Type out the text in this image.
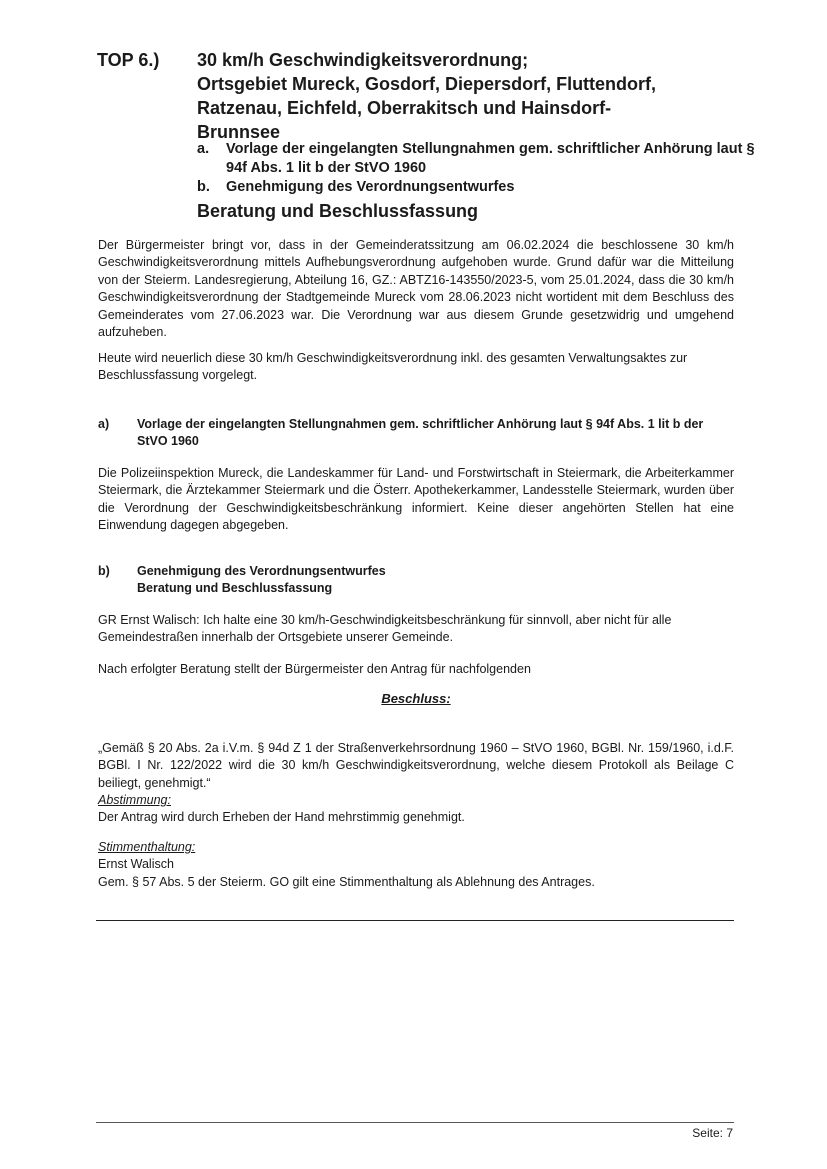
TOP 6.) 30 km/h Geschwindigkeitsverordnung;
Ortsgebiet Mureck, Gosdorf, Diepersdorf, Fluttendorf,
Ratzenau, Eichfeld, Oberrakitsch und Hainsdorf-
Brunnsee
a.	Vorlage der eingelangten Stellungnahmen gem. schriftlicher Anhörung laut § 94f Abs. 1 lit b der StVO 1960
b.	Genehmigung des Verordnungsentwurfes
Beratung und Beschlussfassung
Der Bürgermeister bringt vor, dass in der Gemeinderatssitzung am 06.02.2024 die beschlossene 30 km/h Geschwindigkeitsverordnung mittels Aufhebungsverordnung aufgehoben wurde. Grund dafür war die Mitteilung von der Steierm. Landesregierung, Abteilung 16, GZ.: ABTZ16-143550/2023-5, vom 25.01.2024, dass die 30 km/h Geschwindigkeitsverordnung der Stadtgemeinde Mureck vom 28.06.2023 nicht wortident mit dem Beschluss des Gemeinderates vom 27.06.2023 war. Die Verordnung war aus diesem Grunde gesetzwidrig und umgehend aufzuheben.
Heute wird neuerlich diese 30 km/h Geschwindigkeitsverordnung inkl. des gesamten Verwaltungsaktes zur Beschlussfassung vorgelegt.
a)	Vorlage der eingelangten Stellungnahmen gem. schriftlicher Anhörung laut § 94f Abs. 1 lit b der StVO 1960
Die Polizeiinspektion Mureck, die Landeskammer für Land- und Forstwirtschaft in Steiermark, die Arbeiterkammer Steiermark, die Ärztekammer Steiermark und die Österr. Apothekerkammer, Landesstelle Steiermark, wurden über die Verordnung der Geschwindigkeitsbeschränkung informiert. Keine dieser angehörten Stellen hat eine Einwendung dagegen abgegeben.
b)	Genehmigung des Verordnungsentwurfes
Beratung und Beschlussfassung
GR Ernst Walisch: Ich halte eine 30 km/h-Geschwindigkeitsbeschränkung für sinnvoll, aber nicht für alle Gemeindestraßen innerhalb der Ortsgebiete unserer Gemeinde.
Nach erfolgter Beratung stellt der Bürgermeister den Antrag für nachfolgenden
Beschluss:
„Gemäß § 20 Abs. 2a i.V.m. § 94d Z 1 der Straßenverkehrsordnung 1960 – StVO 1960, BGBl. Nr. 159/1960, i.d.F. BGBl. I Nr. 122/2022 wird die 30 km/h Geschwindigkeitsverordnung, welche diesem Protokoll als Beilage C beiliegt, genehmigt.“
Abstimmung:
Der Antrag wird durch Erheben der Hand mehrstimmig genehmigt.
Stimmenthaltung:
Ernst Walisch
Gem. § 57 Abs. 5 der Steierm. GO gilt eine Stimmenthaltung als Ablehnung des Antrages.
Seite: 7
